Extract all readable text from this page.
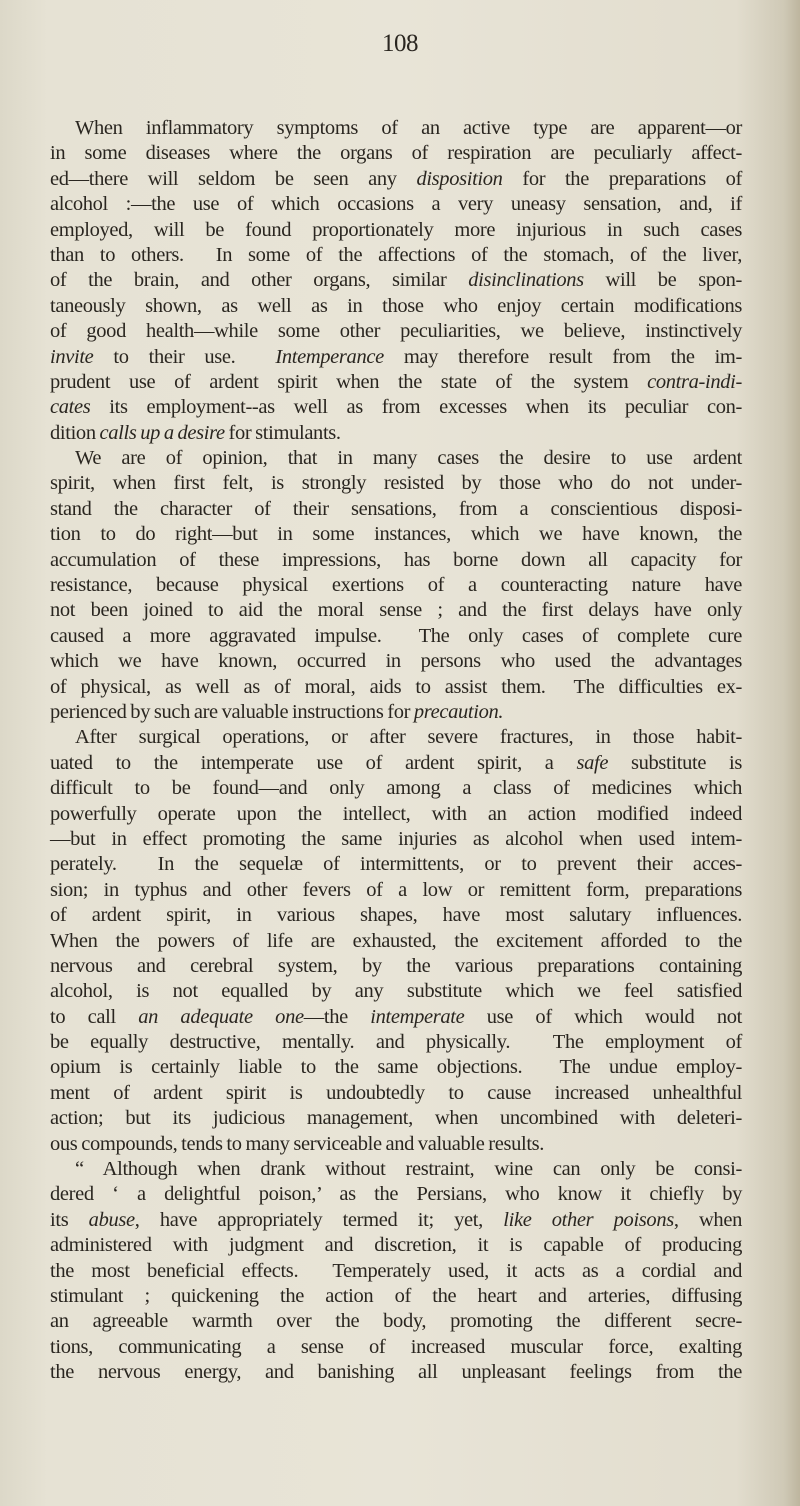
108
When inflammatory symptoms of an active type are apparent—or
in some diseases where the organs of respiration are peculiarly affect-
ed—there will seldom be seen any disposition for the preparations of
alcohol :—the use of which occasions a very uneasy sensation, and, if
employed, will be found proportionately more injurious in such cases
than to others.  In some of the affections of the stomach, of the liver,
of the brain, and other organs, similar disinclinations will be spon-
taneously shown, as well as in those who enjoy certain modifications
of good health—while some other peculiarities, we believe, instinctively
invite to their use.  Intemperance may therefore result from the im-
prudent use of ardent spirit when the state of the system contra-indi-
cates its employment--as well as from excesses when its peculiar con-
dition calls up a desire for stimulants.
We are of opinion, that in many cases the desire to use ardent
spirit, when first felt, is strongly resisted by those who do not under-
stand the character of their sensations, from a conscientious disposi-
tion to do right—but in some instances, which we have known, the
accumulation of these impressions, has borne down all capacity for
resistance, because physical exertions of a counteracting nature have
not been joined to aid the moral sense ; and the first delays have only
caused a more aggravated impulse.  The only cases of complete cure
which we have known, occurred in persons who used the advantages
of physical, as well as of moral, aids to assist them.  The difficulties ex-
perienced by such are valuable instructions for precaution.
After surgical operations, or after severe fractures, in those habit-
uated to the intemperate use of ardent spirit, a safe substitute is
difficult to be found—and only among a class of medicines which
powerfully operate upon the intellect, with an action modified indeed
—but in effect promoting the same injuries as alcohol when used intem-
perately.  In the sequelæ of intermittents, or to prevent their acces-
sion; in typhus and other fevers of a low or remittent form, preparations
of ardent spirit, in various shapes, have most salutary influences.
When the powers of life are exhausted, the excitement afforded to the
nervous and cerebral system, by the various preparations containing
alcohol, is not equalled by any substitute which we feel satisfied
to call an adequate one—the intemperate use of which would not
be equally destructive, mentally. and physically.  The employment of
opium is certainly liable to the same objections.  The undue employ-
ment of ardent spirit is undoubtedly to cause increased unhealthful
action; but its judicious management, when uncombined with deleteri-
ous compounds, tends to many serviceable and valuable results.
“ Although when drank without restraint, wine can only be consi-
dered ‘ a delightful poison,’ as the Persians, who know it chiefly by
its abuse, have appropriately termed it; yet, like other poisons, when
administered with judgment and discretion, it is capable of producing
the most beneficial effects.  Temperately used, it acts as a cordial and
stimulant ; quickening the action of the heart and arteries, diffusing
an agreeable warmth over the body, promoting the different secre-
tions, communicating a sense of increased muscular force, exalting
the nervous energy, and banishing all unpleasant feelings from the
